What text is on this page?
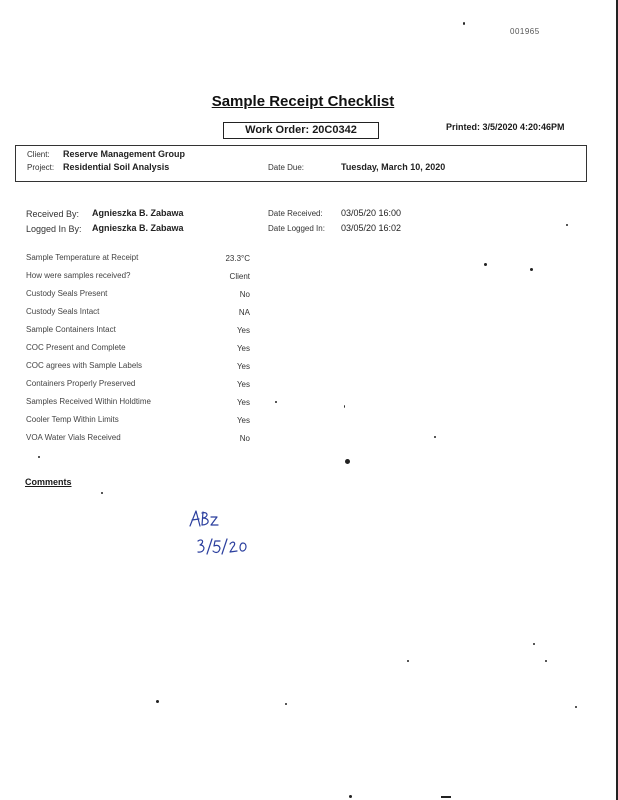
001965
Sample Receipt Checklist
Work Order: 20C0342	Printed: 3/5/2020 4:20:46PM
Client: Reserve Management Group
Project: Residential Soil Analysis	Date Due:	Tuesday, March 10, 2020
Received By: Agnieszka B. Zabawa
Logged In By: Agnieszka B. Zabawa
Date Received: 03/05/20 16:00
Date Logged In: 03/05/20 16:02
Sample Temperature at Receipt	23.3°C
How were samples received?	Client
Custody Seals Present	No
Custody Seals Intact	NA
Sample Containers Intact	Yes
COC Present and Complete	Yes
COC agrees with Sample Labels	Yes
Containers Properly Preserved	Yes
Samples Received Within Holdtime	Yes
Cooler Temp Within Limits	Yes
VOA Water Vials Received	No
Comments
